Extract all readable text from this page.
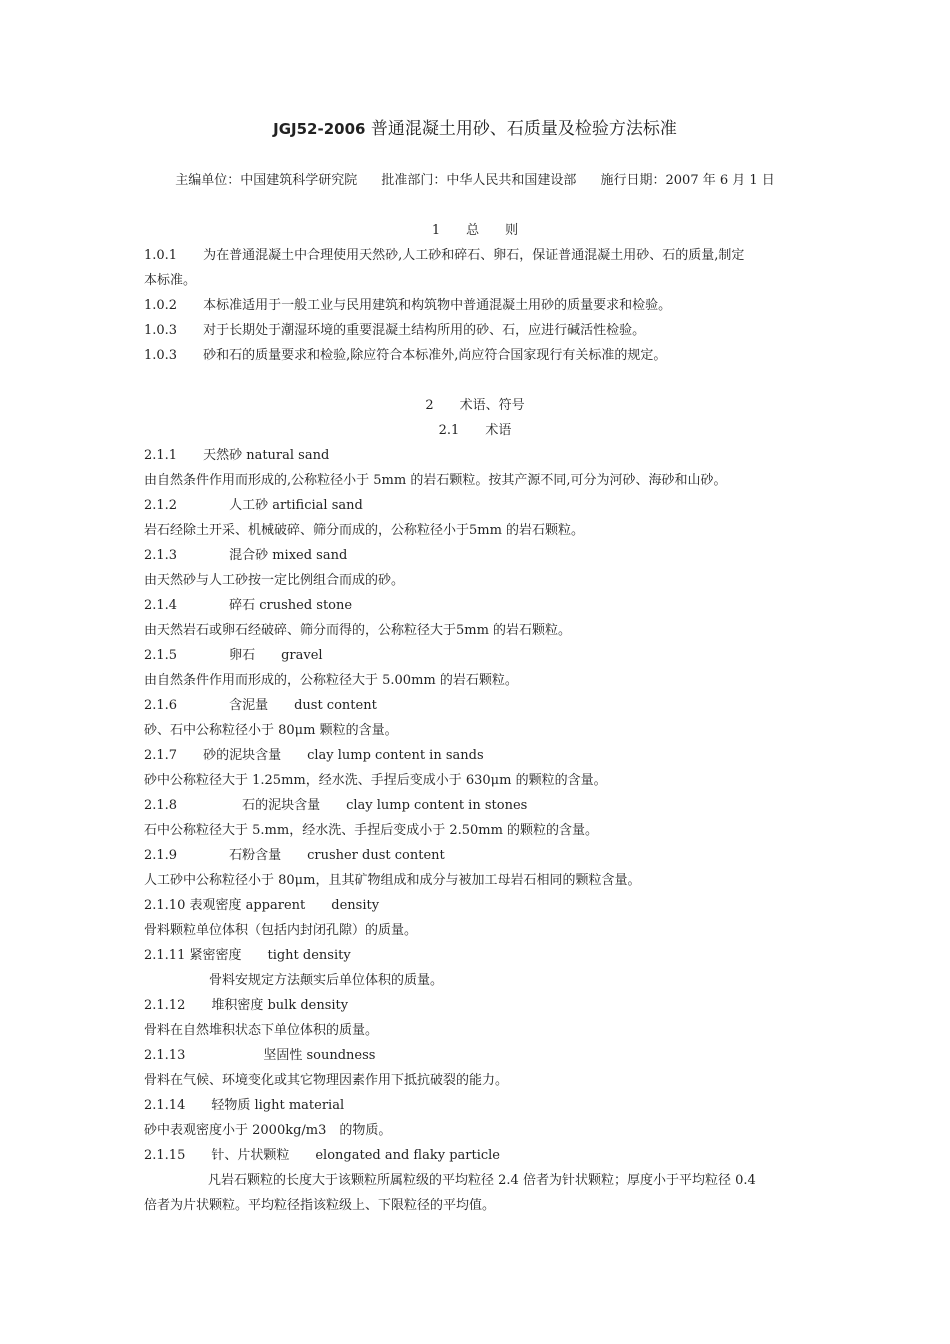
JGJ52-2006 普通混凝土用砂、石质量及检验方法标准
主编单位：中国建筑科学研究院 批准部门：中华人民共和国建设部 施行日期：2007 年 6 月 1 日
1　　总　　则
1.0.1　　为在普通混凝土中合理使用天然砂,人工砂和碎石、卵石，保证普通混凝土用砂、石的质量,制定
本标准。
1.0.2　　本标准适用于一般工业与民用建筑和构筑物中普通混凝土用砂的质量要求和检验。
1.0.3　　对于长期处于潮湿环境的重要混凝土结构所用的砂、石，应进行碱活性检验。
1.0.3　　砂和石的质量要求和检验,除应符合本标准外,尚应符合国家现行有关标准的规定。
2　　术语、符号
2.1　　术语
2.1.1　　天然砂 natural sand
由自然条件作用而形成的,公称粒径小于 5mm 的岩石颗粒。按其产源不同,可分为河砂、海砂和山砂。
2.1.2　　　　人工砂 artificial sand
岩石经除土开采、机械破碎、筛分而成的，公称粒径小于5mm 的岩石颗粒。
2.1.3　　　　混合砂 mixed sand
由天然砂与人工砂按一定比例组合而成的砂。
2.1.4　　　　碎石 crushed stone
由天然岩石或卵石经破碎、筛分而得的，公称粒径大于5mm 的岩石颗粒。
2.1.5　　　　卵石　　gravel
由自然条件作用而形成的，公称粒径大于 5.00mm 的岩石颗粒。
2.1.6　　　　含泥量　　dust content
砂、石中公称粒径小于 80μm 颗粒的含量。
2.1.7　　砂的泥块含量　　clay lump content in sands
砂中公称粒径大于 1.25mm，经水洗、手捏后变成小于 630μm 的颗粒的含量。
2.1.8　　　　　石的泥块含量　　clay lump content in stones
石中公称粒径大于 5.mm，经水洗、手捏后变成小于 2.50mm 的颗粒的含量。
2.1.9　　　　石粉含量　　crusher dust content
人工砂中公称粒径小于 80μm，且其矿物组成和成分与被加工母岩石相同的颗粒含量。
2.1.10 表观密度 apparent　　density
骨料颗粒单位体积（包括内封闭孔隙）的质量。
2.1.11 紧密密度　　tight density
　　　　　骨料安规定方法颠实后单位体积的质量。
2.1.12　　堆积密度 bulk density
骨料在自然堆积状态下单位体积的质量。
2.1.13　　　　　　坚固性 soundness
骨料在气候、环境变化或其它物理因素作用下抵抗破裂的能力。
2.1.14　　轻物质 light material
砂中表观密度小于 2000kg/m3　的物质。
2.1.15　　针、片状颗粒　　elongated and flaky particle
凡岩石颗粒的长度大于该颗粒所属粒级的平均粒径 2.4 倍者为针状颗粒；厚度小于平均粒径 0.4
倍者为片状颗粒。平均粒径指该粒级上、下限粒径的平均值。
